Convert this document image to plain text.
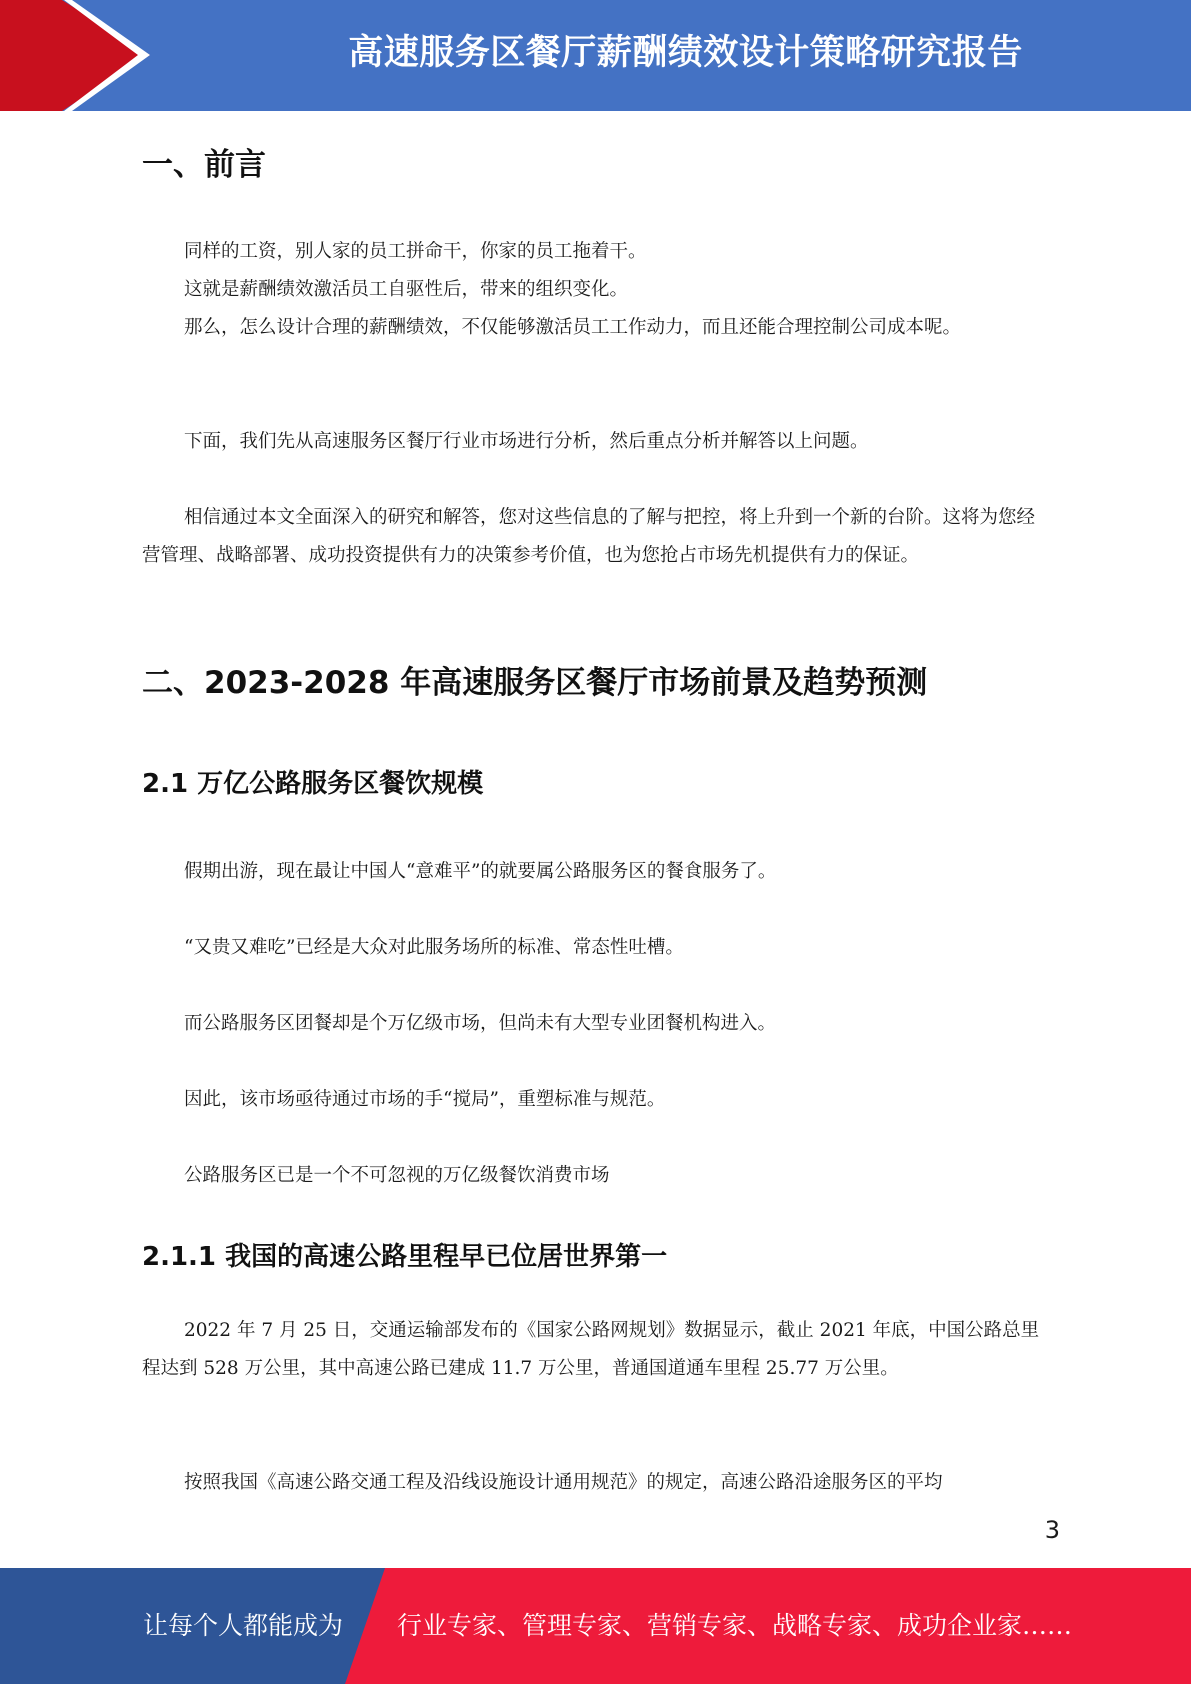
高速服务区餐厅薪酬绩效设计策略研究报告
一、前言

同样的工资，别人家的员工拼命干，你家的员工拖着干。

这就是薪酬绩效激活员工自驱性后，带来的组织变化。

那么，怎么设计合理的薪酬绩效，不仅能够激活员工工作动力，而且还能合理控制公司成本呢。

下面，我们先从高速服务区餐厅行业市场进行分析，然后重点分析并解答以上问题。

相信通过本文全面深入的研究和解答，您对这些信息的了解与把控，将上升到一个新的台阶。这将为您经营管理、战略部署、成功投资提供有力的决策参考价值，也为您抢占市场先机提供有力的保证。

二、2023-2028 年高速服务区餐厅市场前景及趋势预测
2.1 万亿公路服务区餐饮规模

假期出游，现在最让中国人“意难平”的就要属公路服务区的餐食服务了。

“又贵又难吃”已经是大众对此服务场所的标准、常态性吐槽。

而公路服务区团餐却是个万亿级市场，但尚未有大型专业团餐机构进入。

因此，该市场亟待通过市场的手“搅局”，重塑标准与规范。

公路服务区已是一个不可忽视的万亿级餐饮消费市场

2.1.1 我国的高速公路里程早已位居世界第一

2022 年 7 月 25 日，交通运输部发布的《国家公路网规划》数据显示，截止 2021 年底，中国公路总里程达到 528 万公里，其中高速公路已建成 11.7 万公里，普通国道通车里程 25.77 万公里。

按照我国《高速公路交通工程及沿线设施设计通用规范》的规定，高速公路沿途服务区的平均

3
让每个人都能成为 行业专家、管理专家、营销专家、战略专家、成功企业家……
